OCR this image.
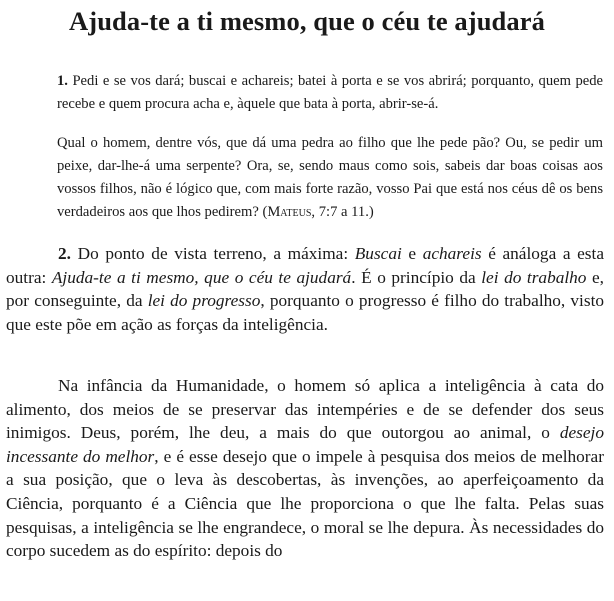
Ajuda-te a ti mesmo, que o céu te ajudará

1. Pedi e se vos dará; buscai e achareis; batei à porta e se vos abrirá; porquanto, quem pede recebe e quem procura acha e, àquele que bata à porta, abrir-se-á.

Qual o homem, dentre vós, que dá uma pedra ao filho que lhe pede pão? Ou, se pedir um peixe, dar-lhe-á uma serpente? Ora, se, sendo maus como sois, sabeis dar boas coisas aos vossos filhos, não é lógico que, com mais forte razão, vosso Pai que está nos céus dê os bens verdadeiros aos que lhos pedirem? (Mateus, 7:7 a 11.)

2. Do ponto de vista terreno, a máxima: Buscai e achareis é análoga a esta outra: Ajuda-te a ti mesmo, que o céu te ajudará. É o princípio da lei do trabalho e, por conseguinte, da lei do progresso, porquanto o progresso é filho do trabalho, visto que este põe em ação as forças da inteligência.

Na infância da Humanidade, o homem só aplica a inteligência à cata do alimento, dos meios de se preservar das intempéries e de se defender dos seus inimigos. Deus, porém, lhe deu, a mais do que outorgou ao animal, o desejo incessante do melhor, e é esse desejo que o impele à pesquisa dos meios de melhorar a sua posição, que o leva às descobertas, às invenções, ao aperfeiçoamento da Ciência, porquanto é a Ciência que lhe proporciona o que lhe falta. Pelas suas pesquisas, a inteligência se lhe engrandece, o moral se lhe depura. Às necessidades do corpo sucedem as do espírito: depois do
